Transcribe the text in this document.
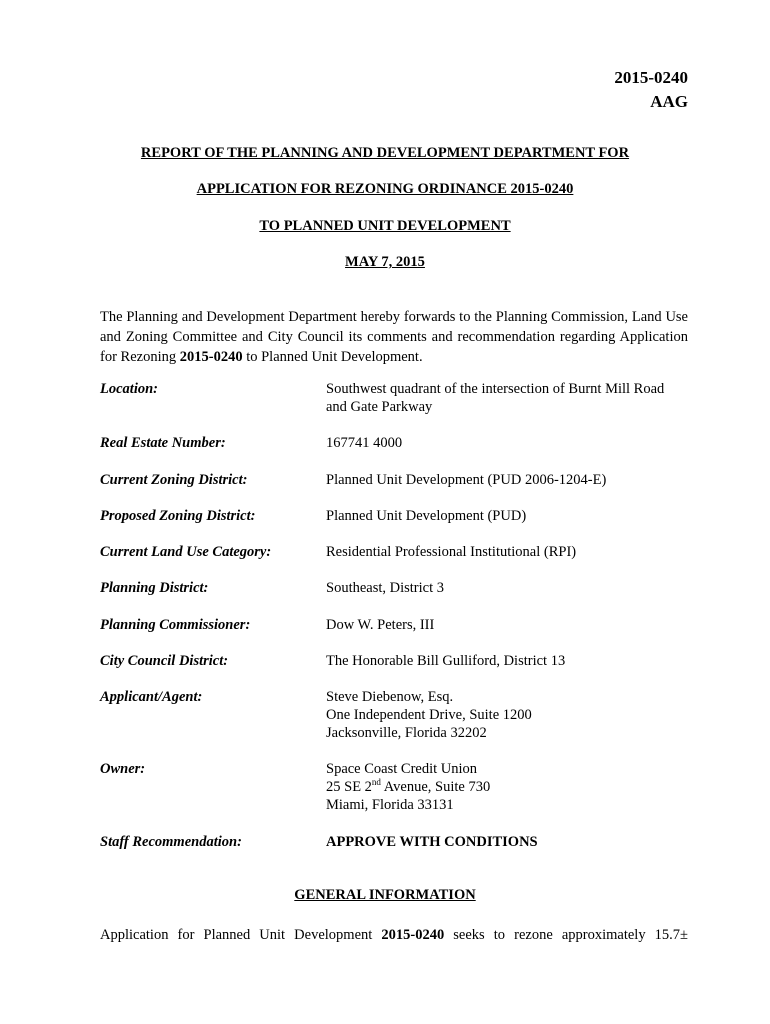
2015-0240
AAG
REPORT OF THE PLANNING AND DEVELOPMENT DEPARTMENT FOR
APPLICATION FOR REZONING ORDINANCE 2015-0240
TO PLANNED UNIT DEVELOPMENT
MAY 7, 2015
The Planning and Development Department hereby forwards to the Planning Commission, Land Use and Zoning Committee and City Council its comments and recommendation regarding Application for Rezoning 2015-0240 to Planned Unit Development.
Location:	Southwest quadrant of the intersection of Burnt Mill Road
and Gate Parkway
Real Estate Number:	167741 4000
Current Zoning District:	Planned Unit Development (PUD 2006-1204-E)
Proposed Zoning District:	Planned Unit Development (PUD)
Current Land Use Category:	Residential Professional Institutional (RPI)
Planning District:	Southeast, District 3
Planning Commissioner:	Dow W. Peters, III
City Council District:	The Honorable Bill Gulliford, District 13
Applicant/Agent:	Steve Diebenow, Esq.
One Independent Drive, Suite 1200
Jacksonville, Florida 32202
Owner:	Space Coast Credit Union
25 SE 2nd Avenue, Suite 730
Miami, Florida 33131
Staff Recommendation:	APPROVE WITH CONDITIONS
GENERAL INFORMATION
Application for Planned Unit Development 2015-0240 seeks to rezone approximately 15.7±
